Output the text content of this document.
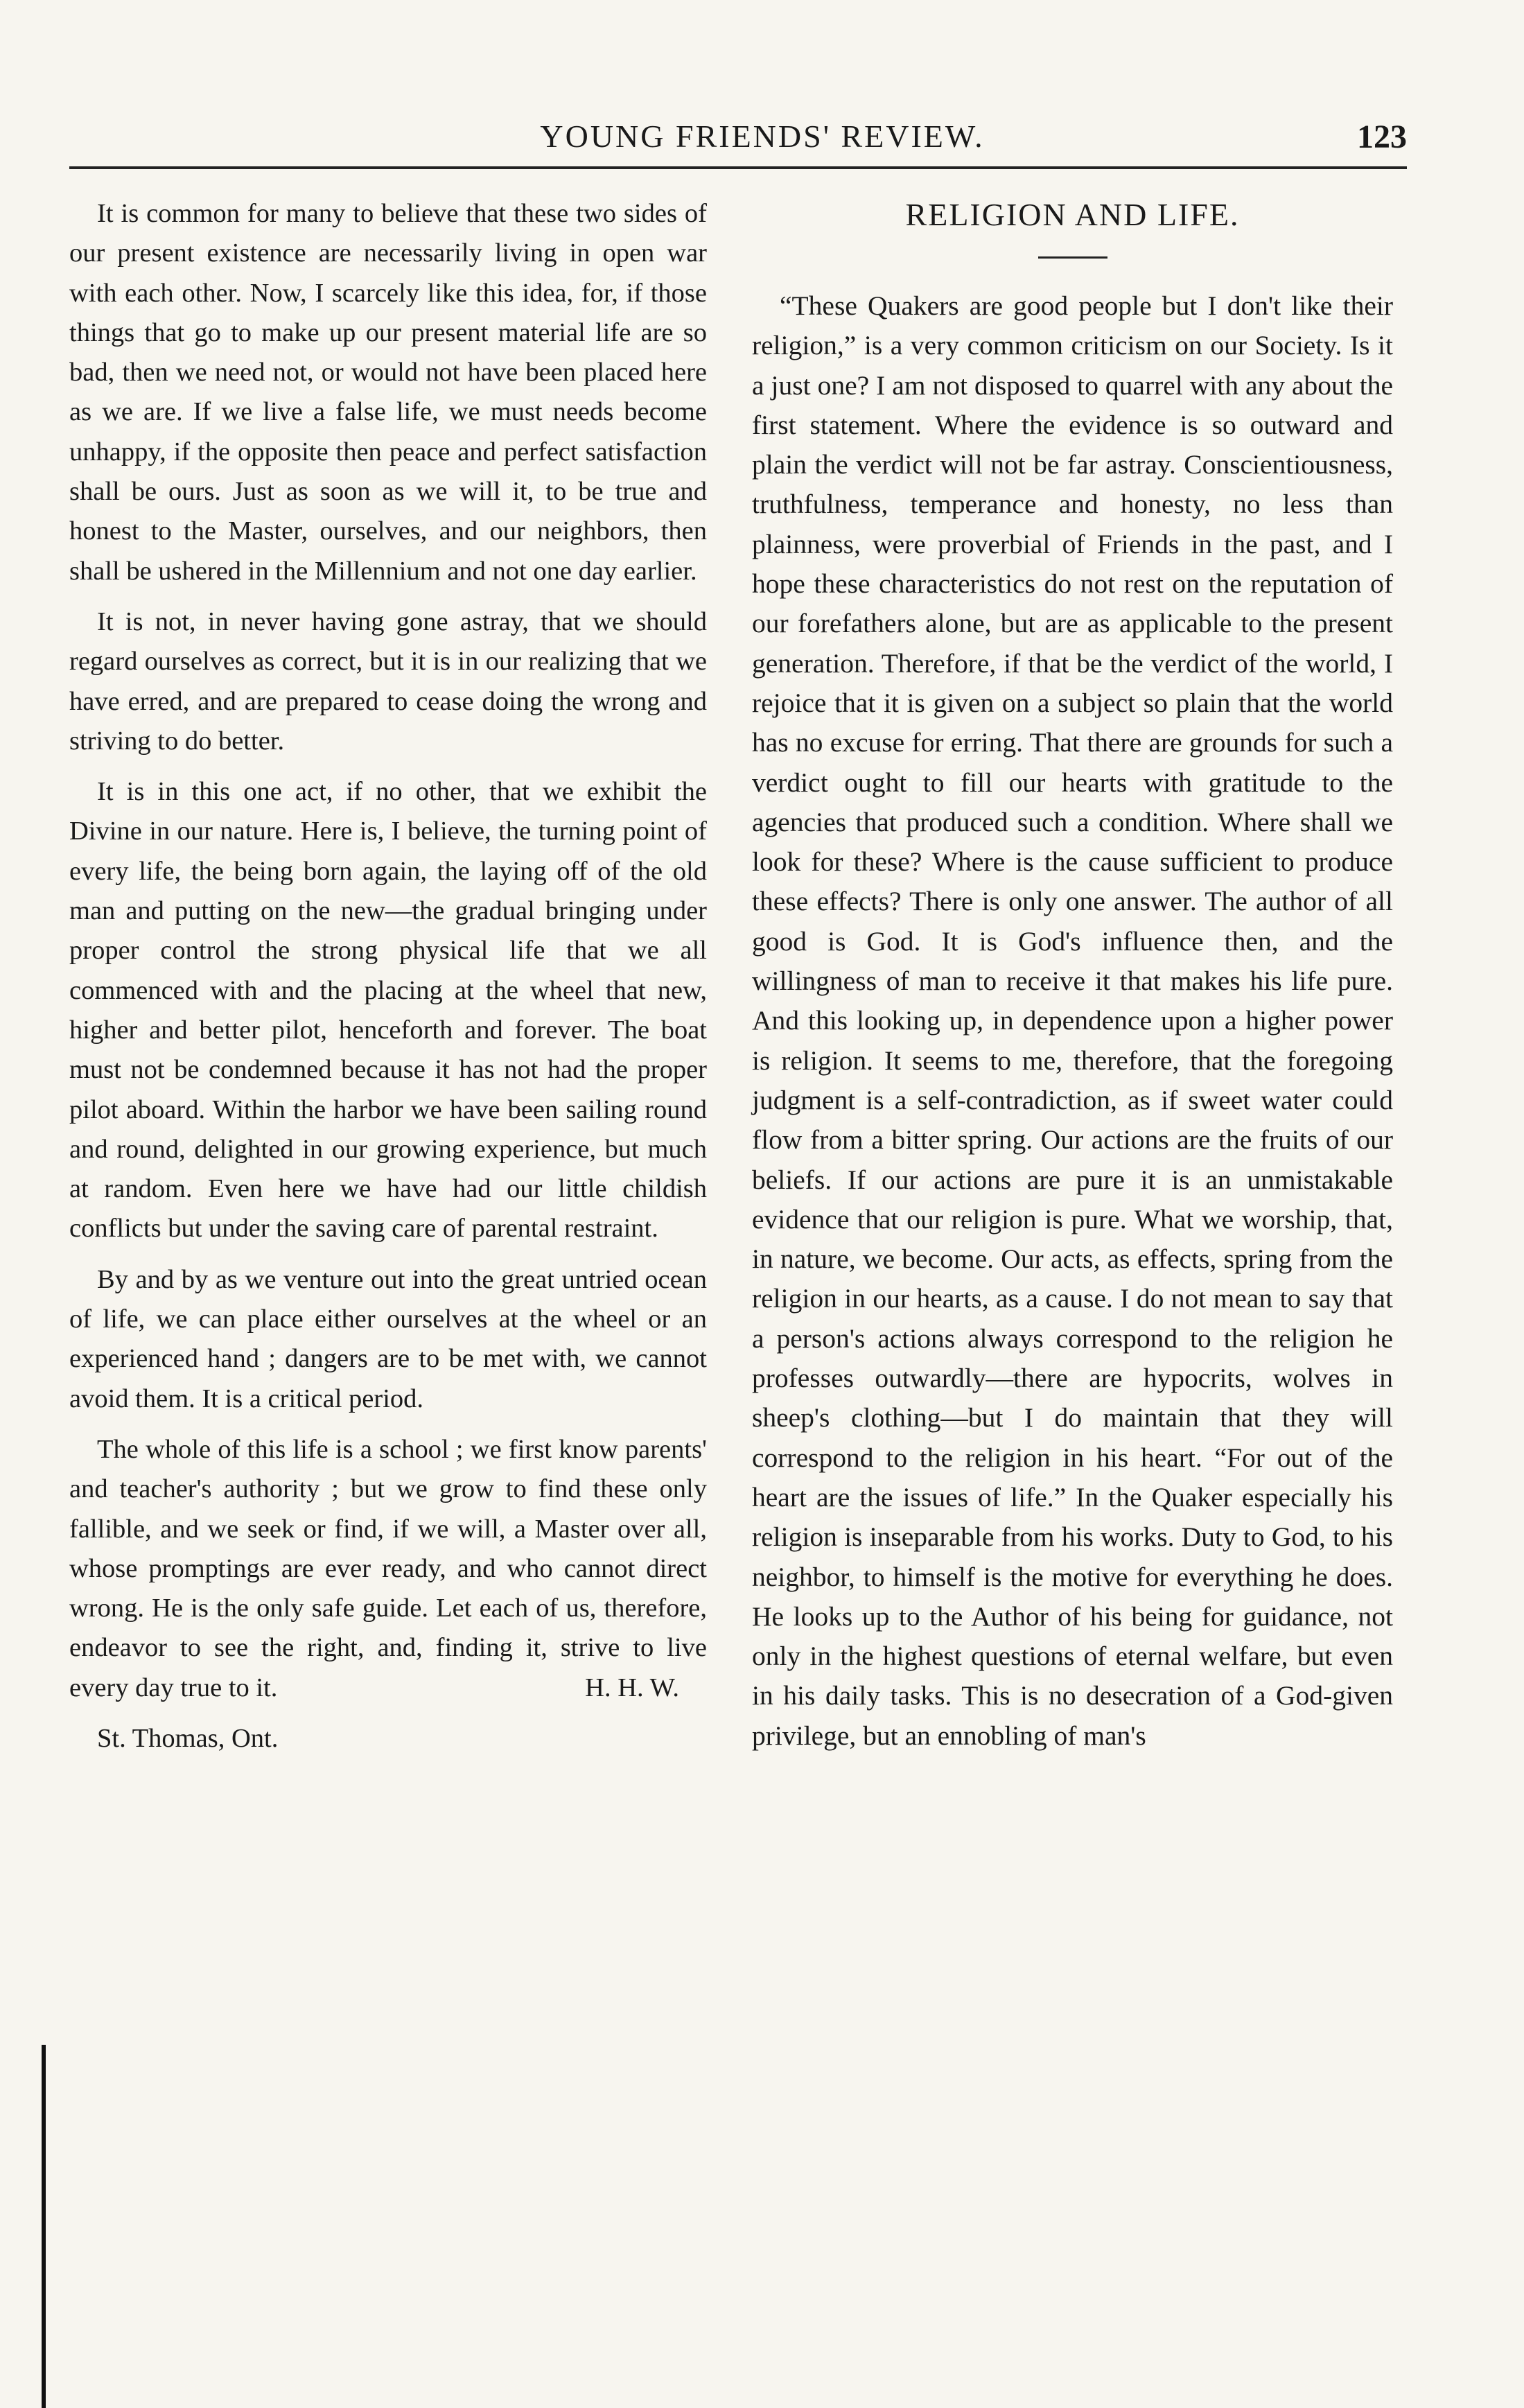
YOUNG FRIENDS' REVIEW.	123

It is common for many to believe that these two sides of our present existence are necessarily living in open war with each other. Now, I scarcely like this idea, for, if those things that go to make up our present material life are so bad, then we need not, or would not have been placed here as we are. If we live a false life, we must needs become unhappy, if the opposite then peace and perfect satisfaction shall be ours. Just as soon as we will it, to be true and honest to the Master, ourselves, and our neighbors, then shall be ushered in the Millennium and not one day earlier.

It is not, in never having gone astray, that we should regard ourselves as correct, but it is in our realizing that we have erred, and are prepared to cease doing the wrong and striving to do better.

It is in this one act, if no other, that we exhibit the Divine in our nature. Here is, I believe, the turning point of every life, the being born again, the laying off of the old man and putting on the new—the gradual bringing under proper control the strong physical life that we all commenced with and the placing at the wheel that new, higher and better pilot, henceforth and forever. The boat must not be condemned because it has not had the proper pilot aboard. Within the harbor we have been sailing round and round, delighted in our growing experience, but much at random. Even here we have had our little childish conflicts but under the saving care of parental restraint.

By and by as we venture out into the great untried ocean of life, we can place either ourselves at the wheel or an experienced hand ; dangers are to be met with, we cannot avoid them. It is a critical period.

The whole of this life is a school ; we first know parents' and teacher's authority ; but we grow to find these only fallible, and we seek or find, if we will, a Master over all, whose promptings are ever ready, and who cannot direct wrong. He is the only safe guide. Let each of us, therefore, endeavor to see the right, and, finding it, strive to live every day true to it.	H. H. W.

St. Thomas, Ont.

RELIGION AND LIFE.

“These Quakers are good people but I don't like their religion,” is a very common criticism on our Society. Is it a just one? I am not disposed to quarrel with any about the first statement. Where the evidence is so outward and plain the verdict will not be far astray. Conscientiousness, truthfulness, temperance and honesty, no less than plainness, were proverbial of Friends in the past, and I hope these characteristics do not rest on the reputation of our forefathers alone, but are as applicable to the present generation. Therefore, if that be the verdict of the world, I rejoice that it is given on a subject so plain that the world has no excuse for erring. That there are grounds for such a verdict ought to fill our hearts with gratitude to the agencies that produced such a condition. Where shall we look for these? Where is the cause sufficient to produce these effects? There is only one answer. The author of all good is God. It is God's influence then, and the willingness of man to receive it that makes his life pure. And this looking up, in dependence upon a higher power is religion. It seems to me, therefore, that the foregoing judgment is a self-contradiction, as if sweet water could flow from a bitter spring. Our actions are the fruits of our beliefs. If our actions are pure it is an unmistakable evidence that our religion is pure. What we worship, that, in nature, we become. Our acts, as effects, spring from the religion in our hearts, as a cause. I do not mean to say that a person's actions always correspond to the religion he professes outwardly—there are hypocrits, wolves in sheep's clothing—but I do maintain that they will correspond to the religion in his heart. “For out of the heart are the issues of life.” In the Quaker especially his religion is inseparable from his works. Duty to God, to his neighbor, to himself is the motive for everything he does. He looks up to the Author of his being for guidance, not only in the highest questions of eternal welfare, but even in his daily tasks. This is no desecration of a God-given privilege, but an ennobling of man's
